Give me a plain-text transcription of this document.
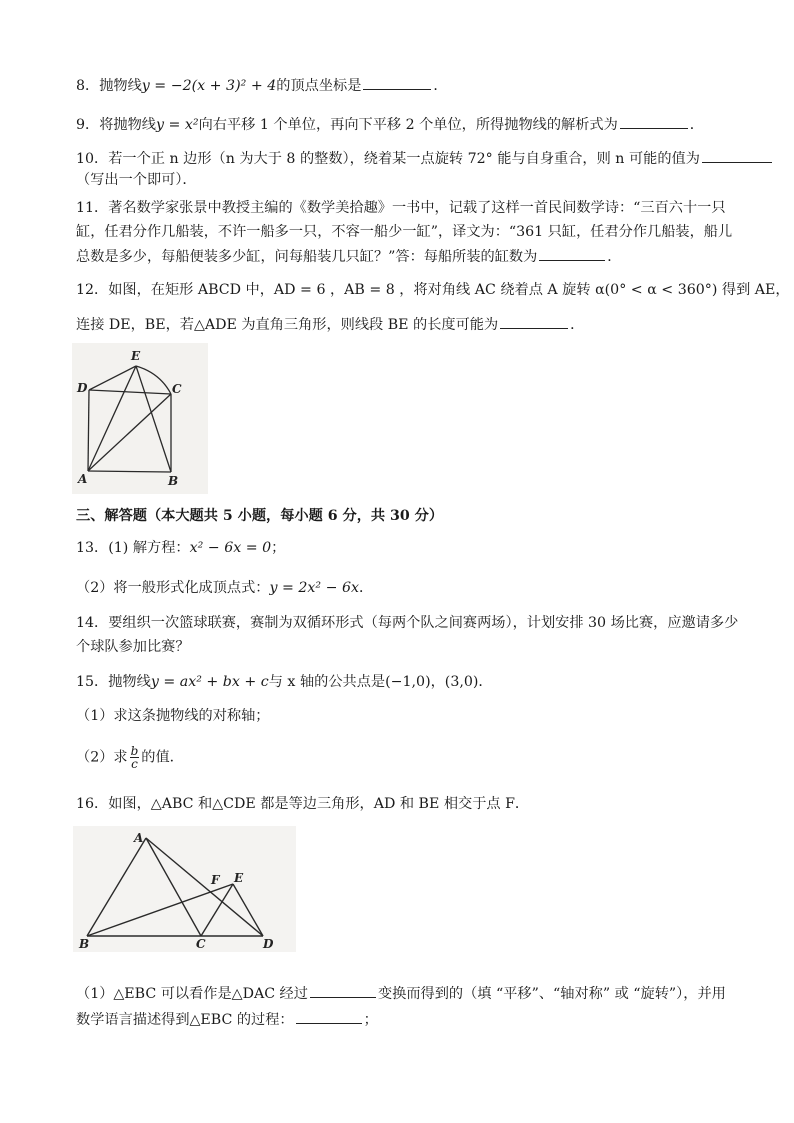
8．抛物线y = −2(x + 3)² + 4的顶点坐标是	．
9．将抛物线y = x²向右平移 1 个单位，再向下平移 2 个单位，所得抛物线的解析式为	．
10．若一个正 n 边形（n 为大于 8 的整数），绕着某一点旋转 72° 能与自身重合，则 n 可能的值为
（写出一个即可）．
11．著名数学家张景中教授主编的《数学美拾趣》一书中，记载了这样一首民间数学诗：“三百六十一只
缸，任君分作几船装，不许一船多一只，不容一船少一缸”，译文为：“361 只缸，任君分作几船装，船儿
总数是多少，每船便装多少缸，问每船装几只缸？”答：每船所装的缸数为	．
12．如图，在矩形 ABCD 中，AD = 6 ，AB = 8 ，将对角线 AC 绕着点 A 旋转 α(0° < α < 360°) 得到 AE，
连接 DE，BE，若△ADE 为直角三角形，则线段 BE 的长度可能为	．
E
D	C
A	B
三、解答题（本大题共 5 小题，每小题 6 分，共 30 分）
13．(1) 解方程：x² − 6x = 0；
（2）将一般形式化成顶点式：y = 2x² − 6x．
14．要组织一次篮球联赛，赛制为双循环形式（每两个队之间赛两场），计划安排 30 场比赛，应邀请多少
个球队参加比赛？
15．抛物线y = ax² + bx + c与 x 轴的公共点是(−1,0)，(3,0)．
（1）求这条抛物线的对称轴；
（2）求 $\frac{b}{c}$ 的值．
16．如图，△ABC 和△CDE 都是等边三角形，AD 和 BE 相交于点 F．
A
F E
B	C	D
（1）△EBC 可以看作是△DAC 经过	变换而得到的（填 “平移”、“轴对称” 或 “旋转”），并用
数学语言描述得到△EBC 的过程：	；
